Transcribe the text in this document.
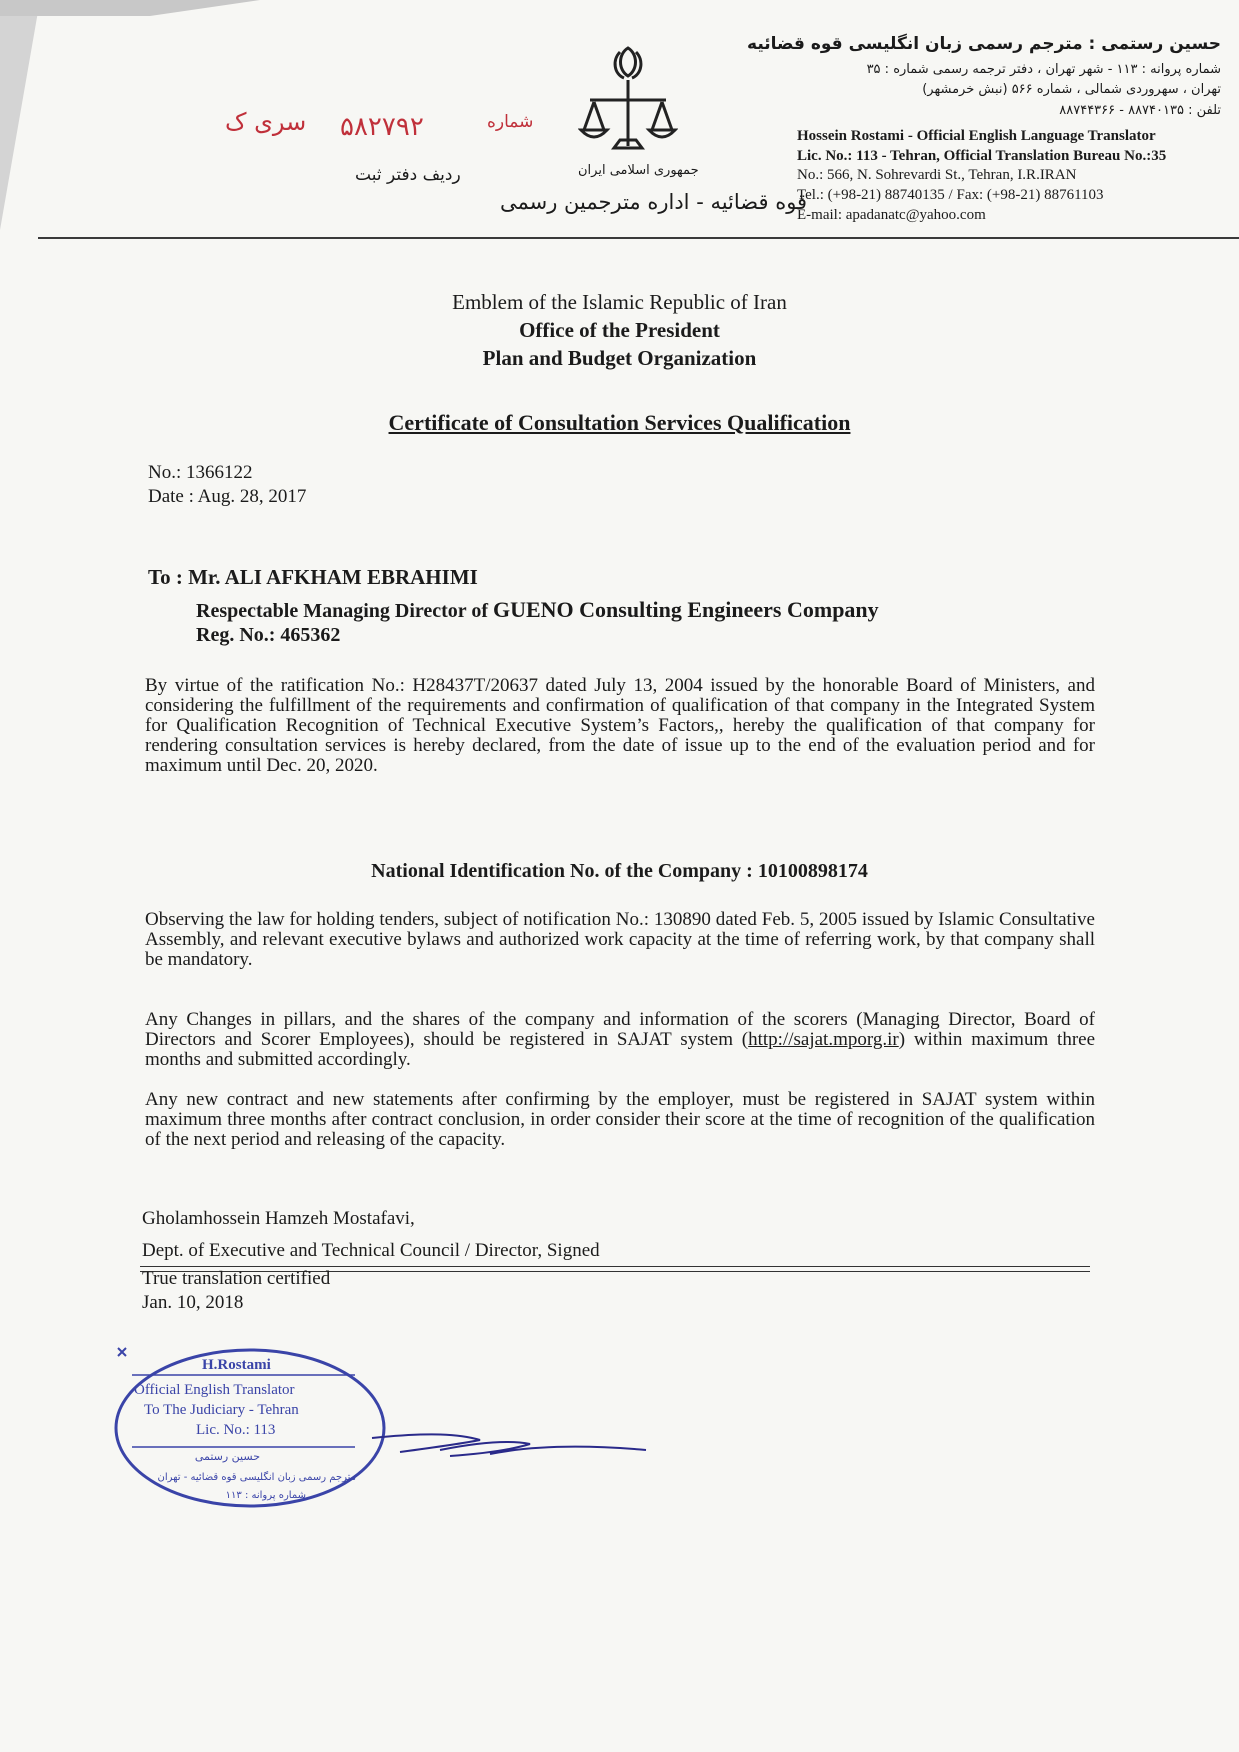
حسین رستمی : مترجم رسمی زبان انگلیسی قوه قضائیه
شماره پروانه : ۱۱۳ - شهر تهران ، دفتر ترجمه رسمی شماره : ۳۵
تهران ، سهروردی شمالی ، شماره ۵۶۶ (نبش خرمشهر)
تلفن : ۸۸۷۴۰۱۳۵ - ۸۸۷۴۴۳۶۶
Hossein Rostami - Official English Language Translator
Lic. No.: 113 - Tehran, Official Translation Bureau No.:35
No.: 566, N. Sohrevardi St., Tehran, I.R.IRAN
Tel.: (+98-21) 88740135 / Fax: (+98-21) 88761103
E-mail: apadanatc@yahoo.com
جمهوری اسلامی ایران
قوه قضائیه - اداره مترجمین رسمی
شماره
۵۸۲۷۹۲
سری ک
ردیف دفتر ثبت
Emblem of the Islamic Republic of Iran
Office of the President
Plan and Budget Organization
Certificate of Consultation Services Qualification
No.: 1366122
Date : Aug. 28, 2017
To : Mr. ALI AFKHAM EBRAHIMI
Respectable Managing Director of GUENO Consulting Engineers Company
Reg. No.: 465362
By virtue of the ratification No.: H28437T/20637 dated July 13, 2004 issued by the honorable Board of Ministers, and considering the fulfillment of the requirements and confirmation of qualification of that company in the Integrated System for Qualification Recognition of Technical Executive System’s Factors,, hereby the qualification of that company for rendering consultation services is hereby declared, from the date of issue up to the end of the evaluation period and for maximum until Dec. 20, 2020.
National Identification No. of the Company : 10100898174
Observing the law for holding tenders, subject of notification No.: 130890 dated Feb. 5, 2005 issued by Islamic Consultative Assembly, and relevant executive bylaws and authorized work capacity at the time of referring work, by that company shall be mandatory.
Any Changes in pillars, and the shares of the company and information of the scorers (Managing Director, Board of Directors and Scorer Employees), should be registered in SAJAT system (http://sajat.mporg.ir) within maximum three months and submitted accordingly.
Any new contract and new statements after confirming by the employer, must be registered in SAJAT system within maximum three months after contract conclusion, in order consider their score at the time of recognition of the qualification of the next period and releasing of the capacity.
Gholamhossein Hamzeh Mostafavi,
Dept. of Executive and Technical Council / Director, Signed
True translation certified
Jan. 10, 2018
H.Rostami
Official English Translator
To The Judiciary - Tehran
Lic. No.: 113
حسین رستمی
مترجم رسمی زبان انگلیسی قوه قضائیه - تهران
شماره پروانه : ۱۱۳
